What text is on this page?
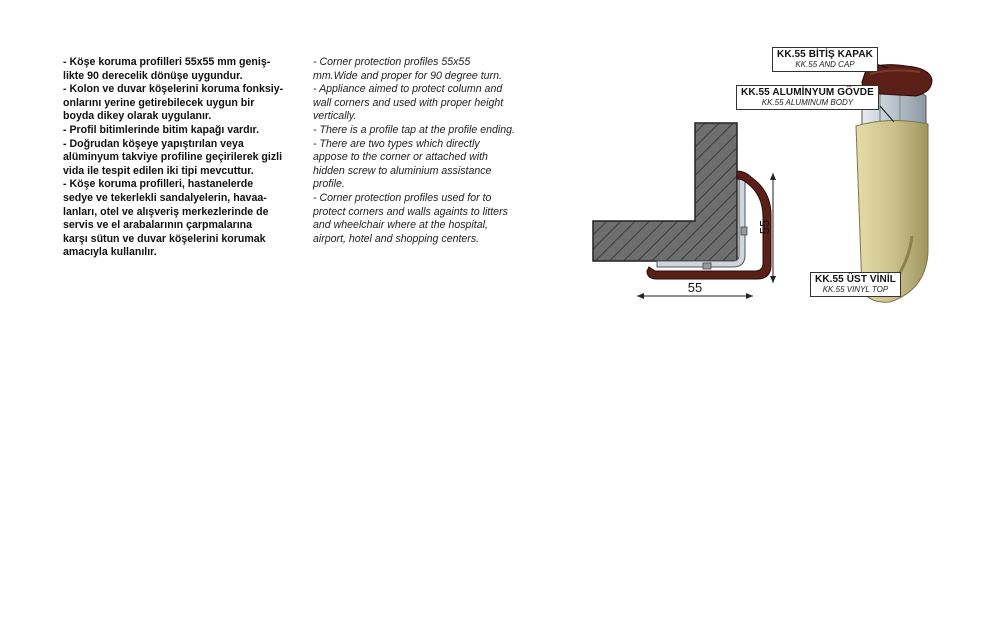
- Köşe koruma profilleri 55x55 mm geniş-

likte 90 derecelik dönüşe uygundur.

- Kolon ve duvar köşelerini koruma fonksiy-

onlarını yerine getirebilecek uygun bir

boyda dikey olarak uygulanır.

- Profil bitimlerinde bitim kapağı vardır.

- Doğrudan köşeye yapıştırılan veya

alüminyum takviye profiline geçirilerek gizli

vida ile tespit edilen iki tipi mevcuttur.

- Köşe koruma profilleri, hastanelerde

sedye ve tekerlekli sandalyelerin, havaa-

lanları, otel ve alışveriş merkezlerinde de

servis ve el arabalarının çarpmalarına

karşı sütun ve duvar köşelerini korumak

amacıyla kullanılır.

- Corner protection profiles 55x55

mm.Wide and proper for 90 degree turn.

- Appliance aimed to protect column and

wall corners and used with proper height

vertically.

- There is a profile tap at the profile ending.

- There are two types which directly

appose to the corner or attached with

hidden screw to aluminium assistance

profile.

- Corner protection profiles used for to

protect corners and walls againts to litters

and wheelchair where at the hospital,

airport, hotel and shopping centers.

55
55
KK.55 BİTİŞ KAPAK
KK.55 AND CAP
KK.55 ALUMİNYUM GÖVDE
KK.55 ALUMINUM BODY
KK.55 ÜST VİNİL
KK.55 VINYL TOP
